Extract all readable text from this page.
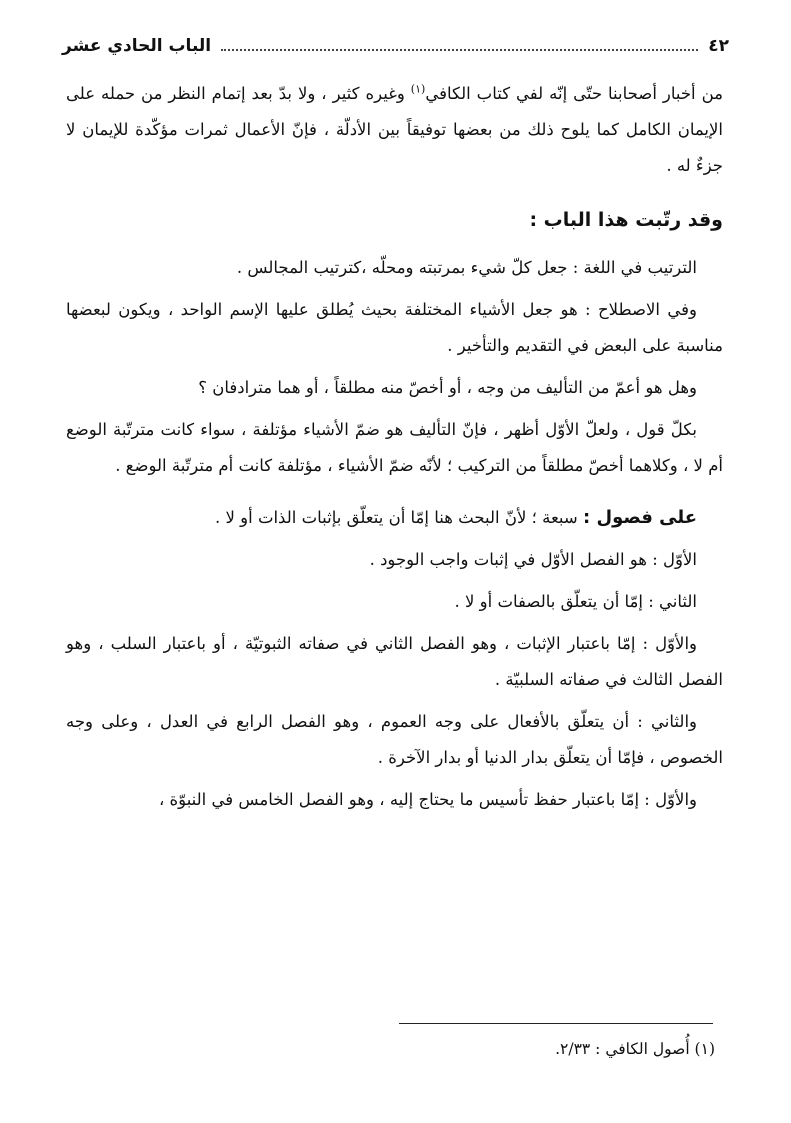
٤٢
الباب الحادي عشر

من أخبار أصحابنا حتّى إنّه لفي كتاب الكافي$^{(١)}$ وغيره كثير ، ولا بدّ بعد إتمام النظر من حمله على الإيمان الكامل كما يلوح ذلك من بعضها توفيقاً بين الأدلّة ، فإنّ الأعمال ثمرات مؤكّدة للإيمان لا جزءٌ له .

وقد رتّبت هذا الباب :

الترتيب في اللغة : جعل كلّ شيء بمرتبته ومحلّه ،كترتيب المجالس .

وفي الاصطلاح : هو جعل الأشياء المختلفة بحيث يُطلق عليها الإسم الواحد ، ويكون لبعضها مناسبة على البعض في التقديم والتأخير .

وهل هو أعمّ من التأليف من وجه ، أو أخصّ منه مطلقاً ، أو هما مترادفان ؟

بكلّ قول ، ولعلّ الأوّل أظهر ، فإنّ التأليف هو ضمّ الأشياء مؤتلفة ، سواء كانت مترتّبة الوضع أم لا ، وكلاهما أخصّ مطلقاً من التركيب ؛ لأنّه ضمّ الأشياء ، مؤتلفة كانت أم مترتّبة الوضع .

على فصول : سبعة ؛ لأنّ البحث هنا إمّا أن يتعلّق بإثبات الذات أو لا .

الأوّل : هو الفصل الأوّل في إثبات واجب الوجود .

الثاني : إمّا أن يتعلّق بالصفات أو لا .

والأوّل : إمّا باعتبار الإثبات ، وهو الفصل الثاني في صفاته الثبوتيّة ، أو باعتبار السلب ، وهو الفصل الثالث في صفاته السلبيّة .

والثاني : أن يتعلّق بالأفعال على وجه العموم ، وهو الفصل الرابع في العدل ، وعلى وجه الخصوص ، فإمّا أن يتعلّق بدار الدنيا أو بدار الآخرة .

والأوّل : إمّا باعتبار حفظ تأسيس ما يحتاج إليه ، وهو الفصل الخامس في النبوّة ،

(١) أُصول الكافي : ٢/٣٣.
